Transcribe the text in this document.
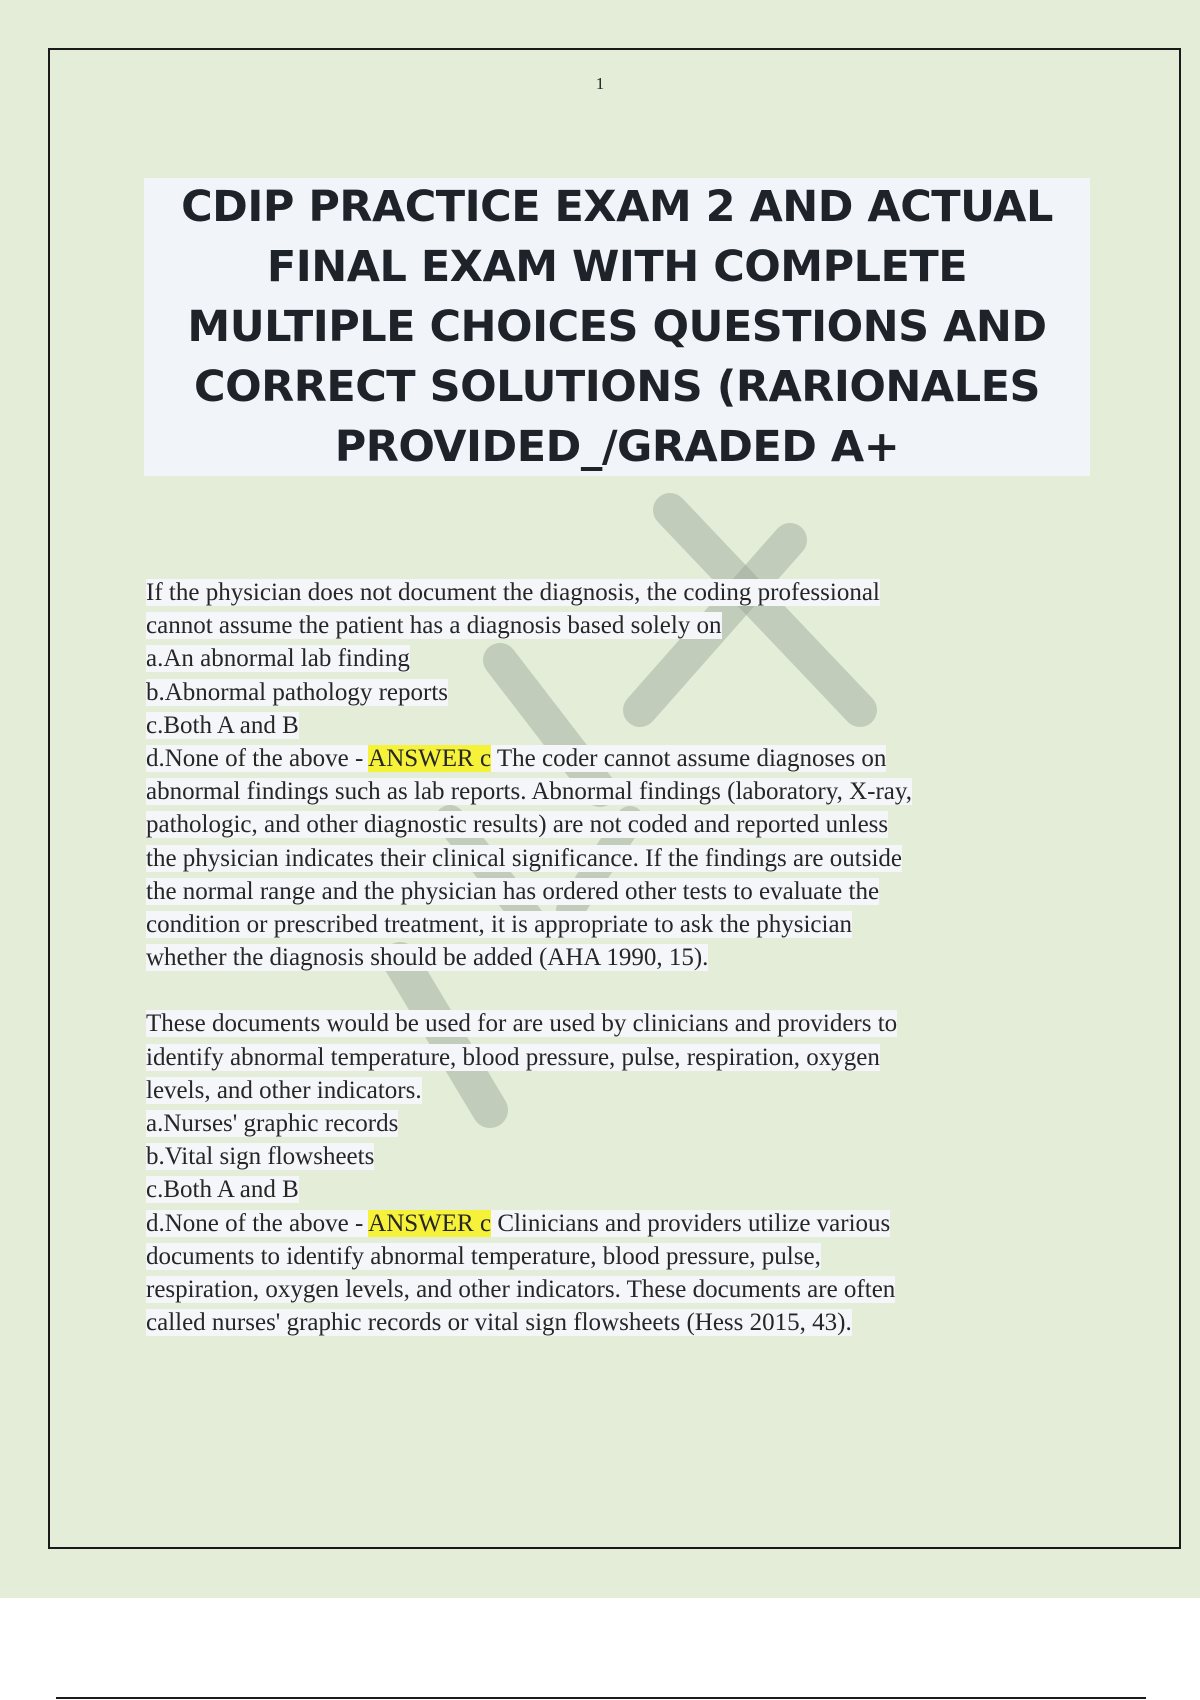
1
CDIP PRACTICE EXAM 2 AND ACTUAL
FINAL EXAM WITH COMPLETE
MULTIPLE CHOICES QUESTIONS AND
CORRECT SOLUTIONS (RARIONALES
PROVIDED_/GRADED A+
If the physician does not document the diagnosis, the coding professional
cannot assume the patient has a diagnosis based solely on
a.An abnormal lab finding
b.Abnormal pathology reports
c.Both A and B
d.None of the above - ANSWER c The coder cannot assume diagnoses on
abnormal findings such as lab reports. Abnormal findings (laboratory, X-ray,
pathologic, and other diagnostic results) are not coded and reported unless
the physician indicates their clinical significance. If the findings are outside
the normal range and the physician has ordered other tests to evaluate the
condition or prescribed treatment, it is appropriate to ask the physician
whether the diagnosis should be added (AHA 1990, 15).
These documents would be used for are used by clinicians and providers to
identify abnormal temperature, blood pressure, pulse, respiration, oxygen
levels, and other indicators.
a.Nurses' graphic records
b.Vital sign flowsheets
c.Both A and B
d.None of the above - ANSWER c Clinicians and providers utilize various
documents to identify abnormal temperature, blood pressure, pulse,
respiration, oxygen levels, and other indicators. These documents are often
called nurses' graphic records or vital sign flowsheets (Hess 2015, 43).
